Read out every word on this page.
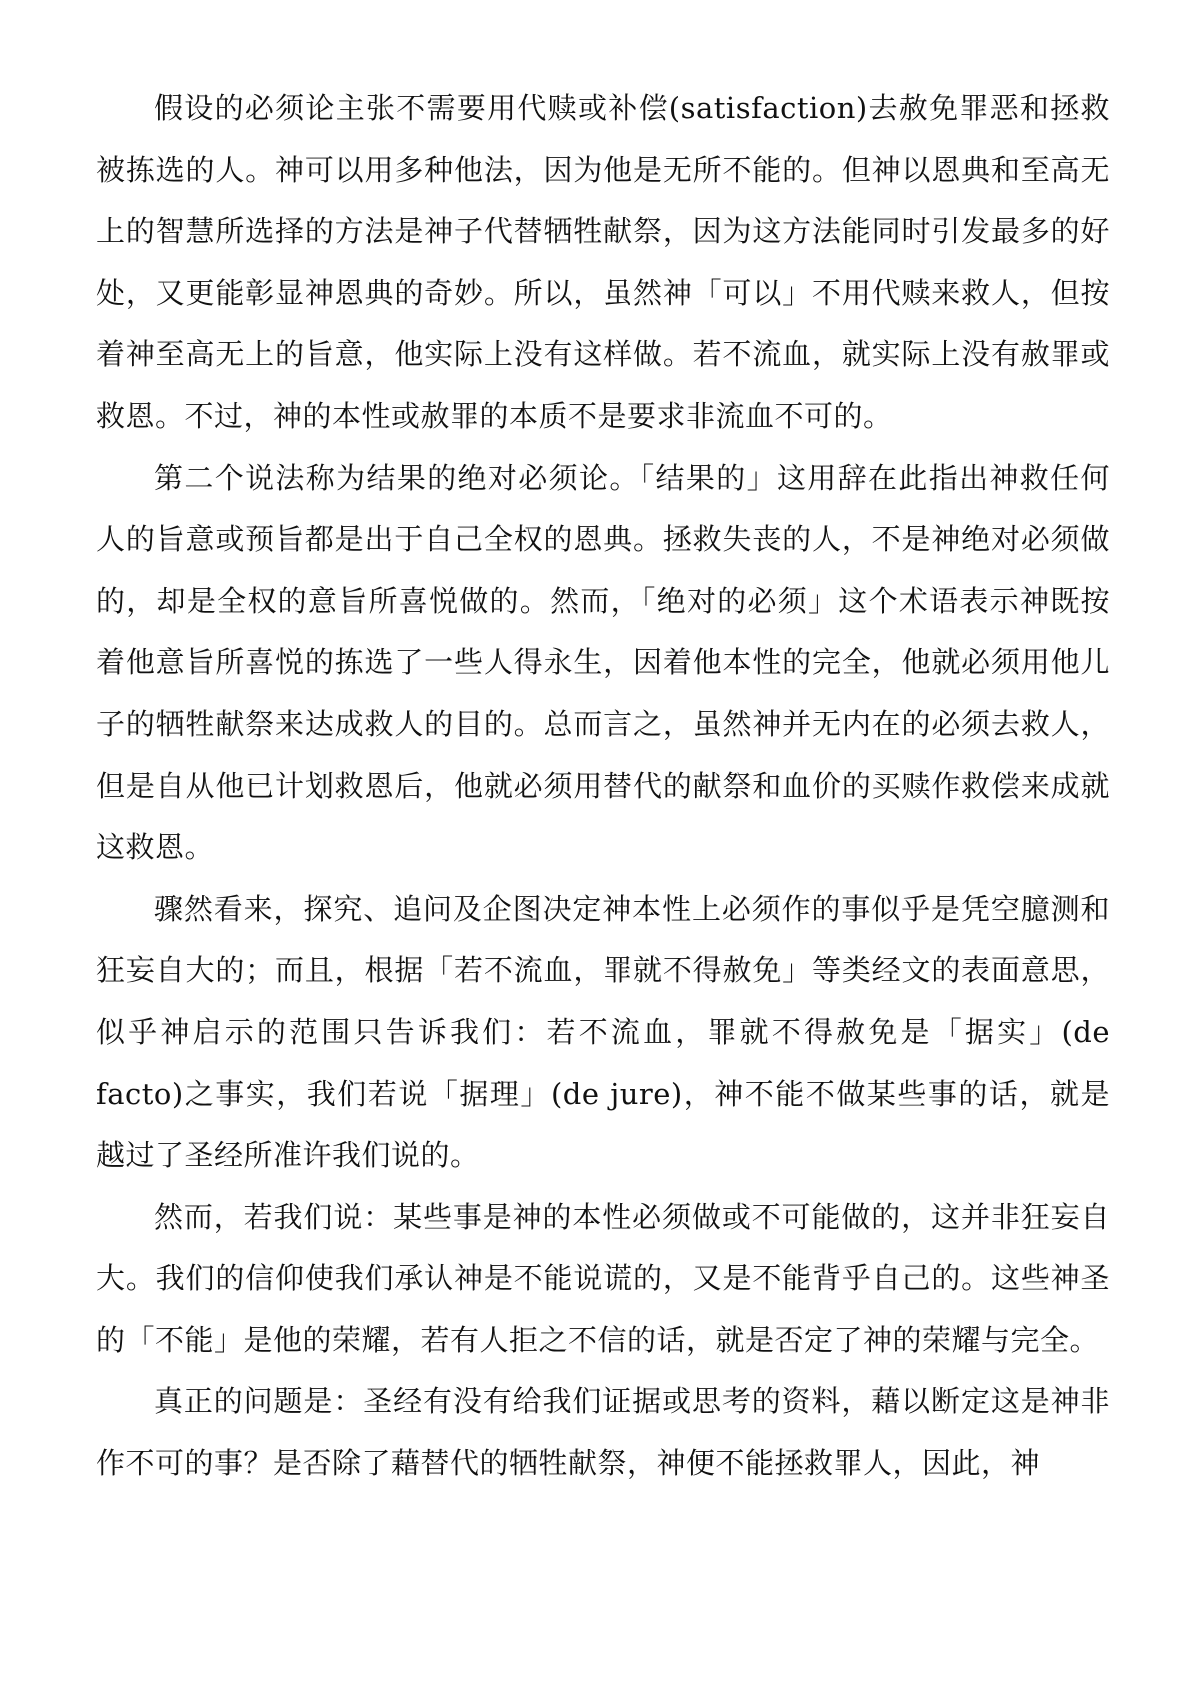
假设的必须论主张不需要用代赎或补偿(satisfaction)去赦免罪恶和拯救被拣选的人。神可以用多种他法，因为他是无所不能的。但神以恩典和至高无上的智慧所选择的方法是神子代替牺牲献祭，因为这方法能同时引发最多的好处，又更能彰显神恩典的奇妙。所以，虽然神「可以」不用代赎来救人，但按着神至高无上的旨意，他实际上没有这样做。若不流血，就实际上没有赦罪或救恩。不过，神的本性或赦罪的本质不是要求非流血不可的。

第二个说法称为结果的绝对必须论。「结果的」这用辞在此指出神救任何人的旨意或预旨都是出于自己全权的恩典。拯救失丧的人，不是神绝对必须做的，却是全权的意旨所喜悦做的。然而，「绝对的必须」这个术语表示神既按着他意旨所喜悦的拣选了一些人得永生，因着他本性的完全，他就必须用他儿子的牺牲献祭来达成救人的目的。总而言之，虽然神并无内在的必须去救人，但是自从他已计划救恩后，他就必须用替代的献祭和血价的买赎作救偿来成就这救恩。

骤然看来，探究、追问及企图决定神本性上必须作的事似乎是凭空臆测和狂妄自大的；而且，根据「若不流血，罪就不得赦免」等类经文的表面意思，似乎神启示的范围只告诉我们：若不流血，罪就不得赦免是「据实」(de facto)之事实，我们若说「据理」(de jure)，神不能不做某些事的话，就是越过了圣经所准许我们说的。

然而，若我们说：某些事是神的本性必须做或不可能做的，这并非狂妄自大。我们的信仰使我们承认神是不能说谎的，又是不能背乎自己的。这些神圣的「不能」是他的荣耀，若有人拒之不信的话，就是否定了神的荣耀与完全。

真正的问题是：圣经有没有给我们证据或思考的资料，藉以断定这是神非作不可的事？是否除了藉替代的牺牲献祭，神便不能拯救罪人，因此，神
